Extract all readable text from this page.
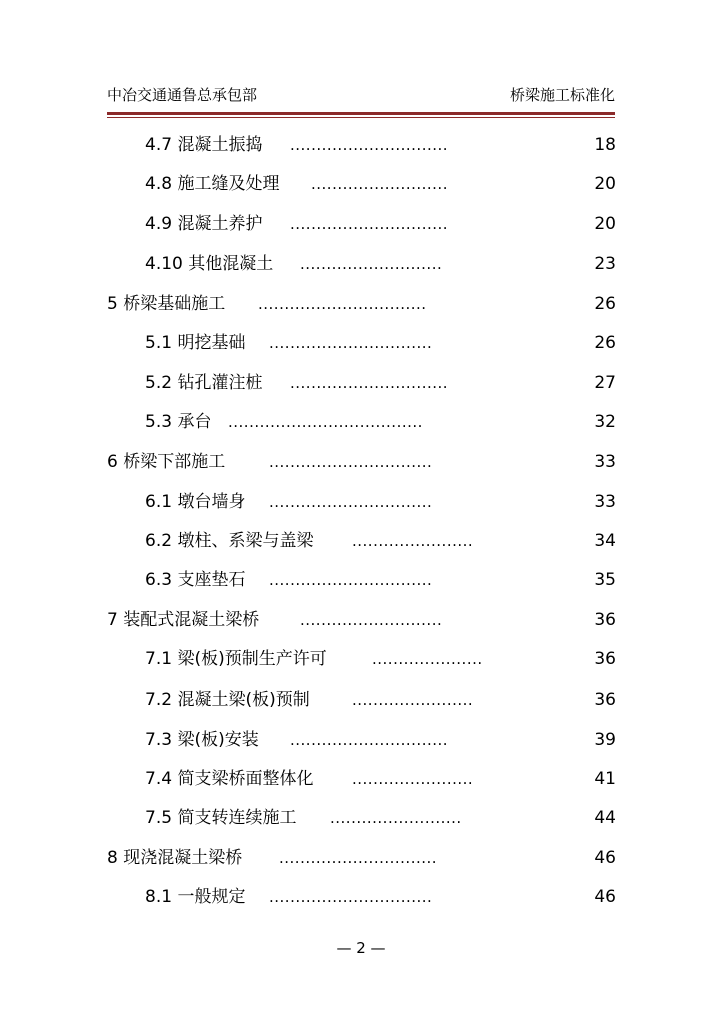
中冶交通通鲁总承包部	桥梁施工标准化
4.7 混凝土振捣 ..............................	18
4.8 施工缝及处理 ..........................	20
4.9 混凝土养护 ..............................	20
4.10 其他混凝土 ...........................	23
5 桥梁基础施工 ................................	26
5.1 明挖基础 ...............................	26
5.2 钻孔灌注桩 ..............................	27
5.3 承台 .....................................	32
6 桥梁下部施工	...............................	33
6.1 墩台墙身 ...............................	33
6.2 墩柱、系梁与盖梁	.......................	34
6.3 支座垫石 ...............................	35
7 装配式混凝土梁桥	...........................	36
7.1 梁(板)预制生产许可	.....................	36
7.2 混凝土梁(板)预制	.......................	36
7.3 梁(板)安装 ..............................	39
7.4 简支梁桥面整体化	.......................	41
7.5 简支转连续施工 .........................	44
8 现浇混凝土梁桥 ..............................	46
8.1 一般规定 ...............................	46
— 2 —
